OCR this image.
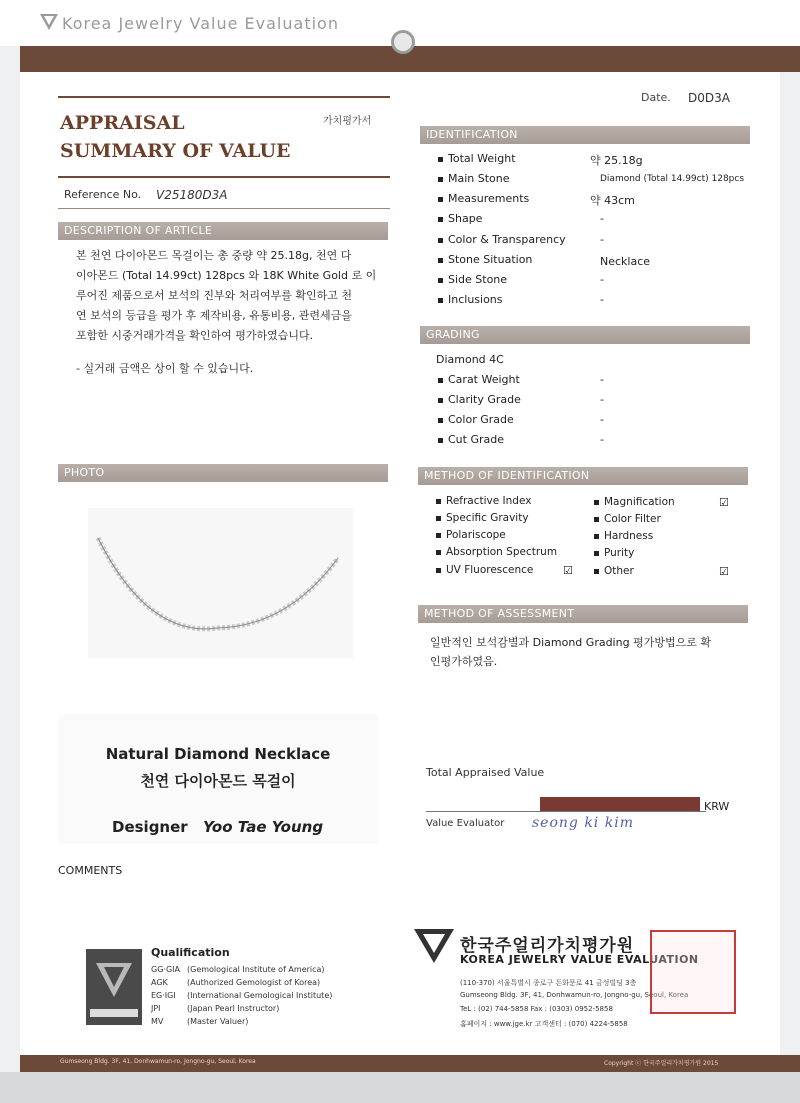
Korea Jewelry Value Evaluation
APPRAISAL
SUMMARY OF VALUE
가치평가서
Date. D0D3A
Reference No. V25180D3A
DESCRIPTION OF ARTICLE
본 천연 다이아몬드 목걸이는 총 중량 약 25.18g, 천연 다
이아몬드 (Total 14.99ct) 128pcs 와 18K White Gold 로 이
루어진 제품으로서 보석의 진부와 처리여부를 확인하고 천
연 보석의 등급을 평가 후 제작비용, 유통비용, 관련세금을
포함한 시중거래가격을 확인하여 평가하였습니다.
- 실거래 금액은 상이 할 수 있습니다.
PHOTO
Natural Diamond Necklace
천연 다이아몬드 목걸이
Designer Yoo Tae Young
COMMENTS
IDENTIFICATION
Total Weight	약 25.18g
Main Stone	Diamond (Total 14.99ct) 128pcs
Measurements	약 43cm
Shape	-
Color & Transparency	-
Stone Situation	Necklace
Side Stone	-
Inclusions	-
GRADING
Diamond 4C
Carat Weight	-
Clarity Grade	-
Color Grade	-
Cut Grade	-
METHOD OF IDENTIFICATION
Refractive Index
Specific Gravity
Polariscope
Absorption Spectrum
UV Fluorescence	☑
Magnification	☑
Color Filter
Hardness
Purity
Other	☑
METHOD OF ASSESSMENT
일반적인 보석감별과 Diamond Grading 평가방법으로 확
인평가하였음.
Total Appraised Value
KRW
Value Evaluator seong ki kim
Qualification
GG·GIA (Gemological Institute of America)
AGK (Authorized Gemologist of Korea)
EG·IGI (International Gemological Institute)
JPI	(Japan Pearl Instructor)
MV	(Master Valuer)
한국주얼리가치평가원
KOREA JEWELRY VALUE EVALUATION
(110-370) 서울특별시 종로구 돈화문로 41 금성빌딩 3층
Gumseong Bldg. 3F, 41, Donhwamun-ro, Jongno-gu, Seoul, Korea
TeL : (02) 744-5858 Fax : (0303) 0952-5858
홈페이지 : www.jge.kr 고객센터 : (070) 4224-5858
Gumseong Bldg. 3F, 41, Donhwamun-ro, Jongno-gu, Seoul, Korea	Copyright ⓒ 한국주얼리가치평가원 2015
